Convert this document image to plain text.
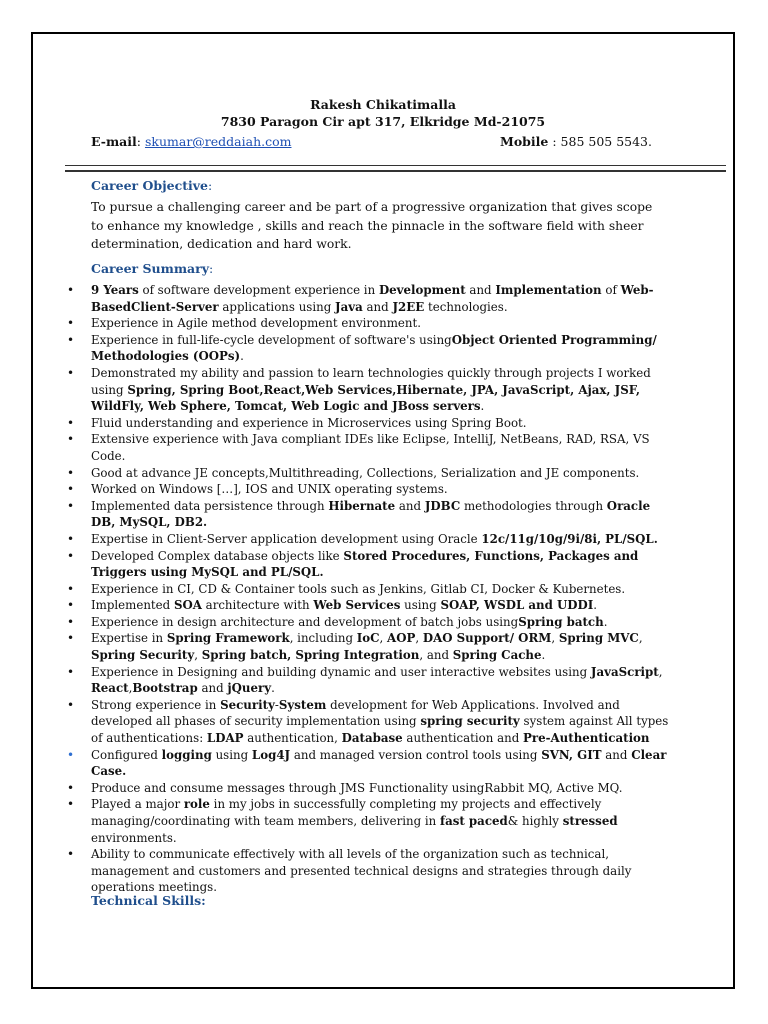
Rakesh Chikatimalla
7830 Paragon Cir apt 317, Elkridge Md-21075
E-mail: skumar@reddaiah.com	Mobile : 585 505 5543.
Career Objective:
To pursue a challenging career and be part of a progressive organization that gives scope to enhance my knowledge , skills and reach the pinnacle in the software field with sheer determination, dedication and hard work.
Career Summary:
• 9 Years of software development experience in Development and Implementation of Web-BasedClient-Server applications using Java and J2EE technologies.
• Experience in Agile method development environment.
• Experience in full-life-cycle development of software's usingObject Oriented Programming/ Methodologies (OOPs).
• Demonstrated my ability and passion to learn technologies quickly through projects I worked using Spring, Spring Boot,React,Web Services,Hibernate, JPA, JavaScript, Ajax, JSF, WildFly, Web Sphere, Tomcat, Web Logic and JBoss servers.
• Fluid understanding and experience in Microservices using Spring Boot.
• Extensive experience with Java compliant IDEs like Eclipse, IntelliJ, NetBeans, RAD, RSA, VS Code.
• Good at advance JE concepts,Multithreading, Collections, Serialization and JE components.
• Worked on Windows […], IOS and UNIX operating systems.
• Implemented data persistence through Hibernate and JDBC methodologies through Oracle DB, MySQL, DB2.
• Expertise in Client-Server application development using Oracle 12c/11g/10g/9i/8i, PL/SQL.
• Developed Complex database objects like Stored Procedures, Functions, Packages and Triggers using MySQL and PL/SQL.
• Experience in CI, CD & Container tools such as Jenkins, Gitlab CI, Docker & Kubernetes.
• Implemented SOA architecture with Web Services using SOAP, WSDL and UDDI.
• Experience in design architecture and development of batch jobs usingSpring batch.
• Expertise in Spring Framework, including IoC, AOP, DAO Support/ ORM, Spring MVC, Spring Security, Spring batch, Spring Integration, and Spring Cache.
• Experience in Designing and building dynamic and user interactive websites using JavaScript, React,Bootstrap and jQuery.
• Strong experience in Security-System development for Web Applications. Involved and developed all phases of security implementation using spring security system against All types of authentications: LDAP authentication, Database authentication and Pre-Authentication
• Configured logging using Log4J and managed version control tools using SVN, GIT and Clear Case.
• Produce and consume messages through JMS Functionality usingRabbit MQ, Active MQ.
• Played a major role in my jobs in successfully completing my projects and effectively managing/coordinating with team members, delivering in fast paced& highly stressed environments.
• Ability to communicate effectively with all levels of the organization such as technical, management and customers and presented technical designs and strategies through daily operations meetings.
Technical Skills:
